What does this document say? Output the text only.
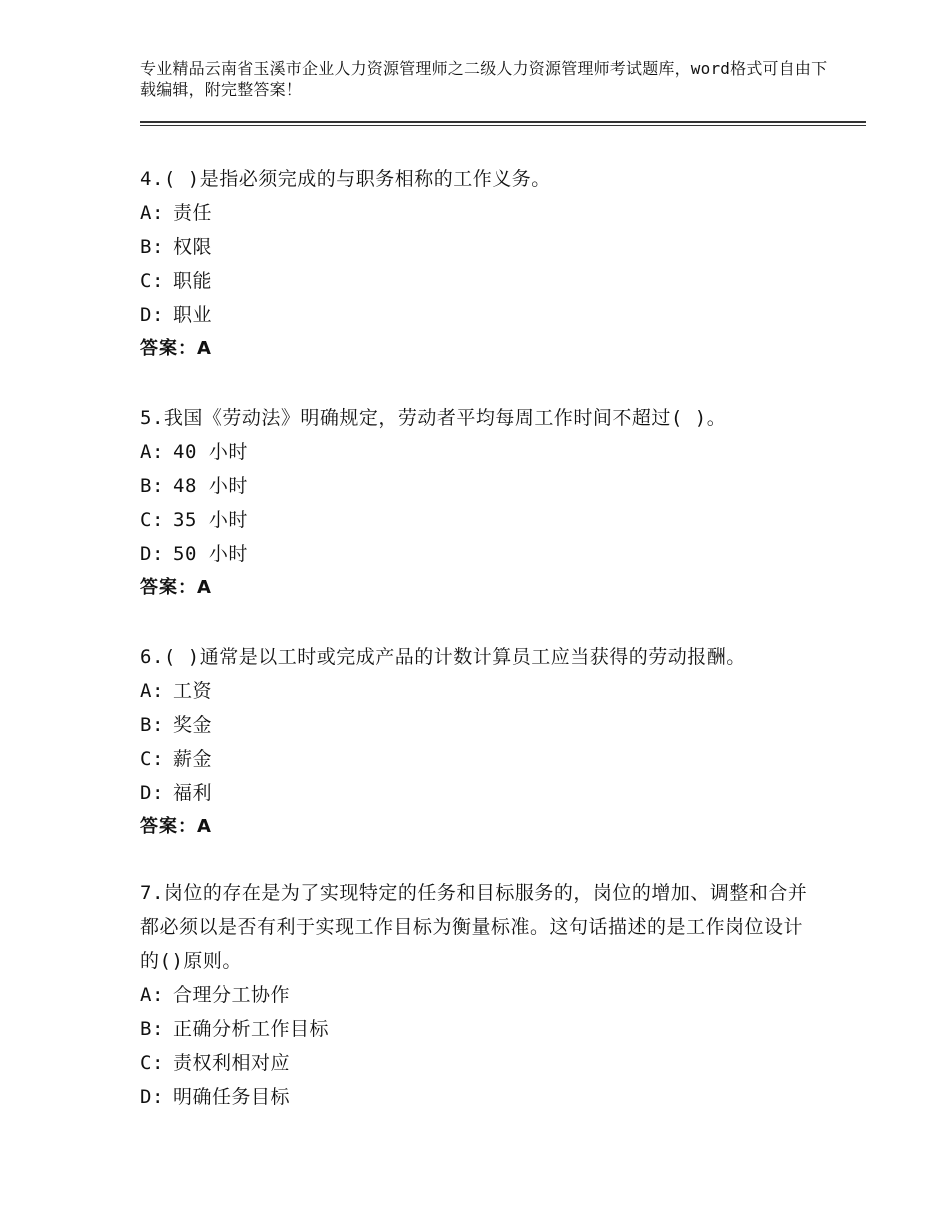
专业精品云南省玉溪市企业人力资源管理师之二级人力资源管理师考试题库，word格式可自由下载编辑，附完整答案！

4.( )是指必须完成的与职务相称的工作义务。

A: 责任
B: 权限
C: 职能
D: 职业
答案：A

5.我国《劳动法》明确规定，劳动者平均每周工作时间不超过( )。

A: 40 小时
B: 48 小时
C: 35 小时
D: 50 小时
答案：A

6.( )通常是以工时或完成产品的计数计算员工应当获得的劳动报酬。

A: 工资
B: 奖金
C: 薪金
D: 福利
答案：A

7.岗位的存在是为了实现特定的任务和目标服务的，岗位的增加、调整和合并都必须以是否有利于实现工作目标为衡量标准。这句话描述的是工作岗位设计的()原则。

A: 合理分工协作
B: 正确分析工作目标
C: 责权利相对应
D: 明确任务目标
